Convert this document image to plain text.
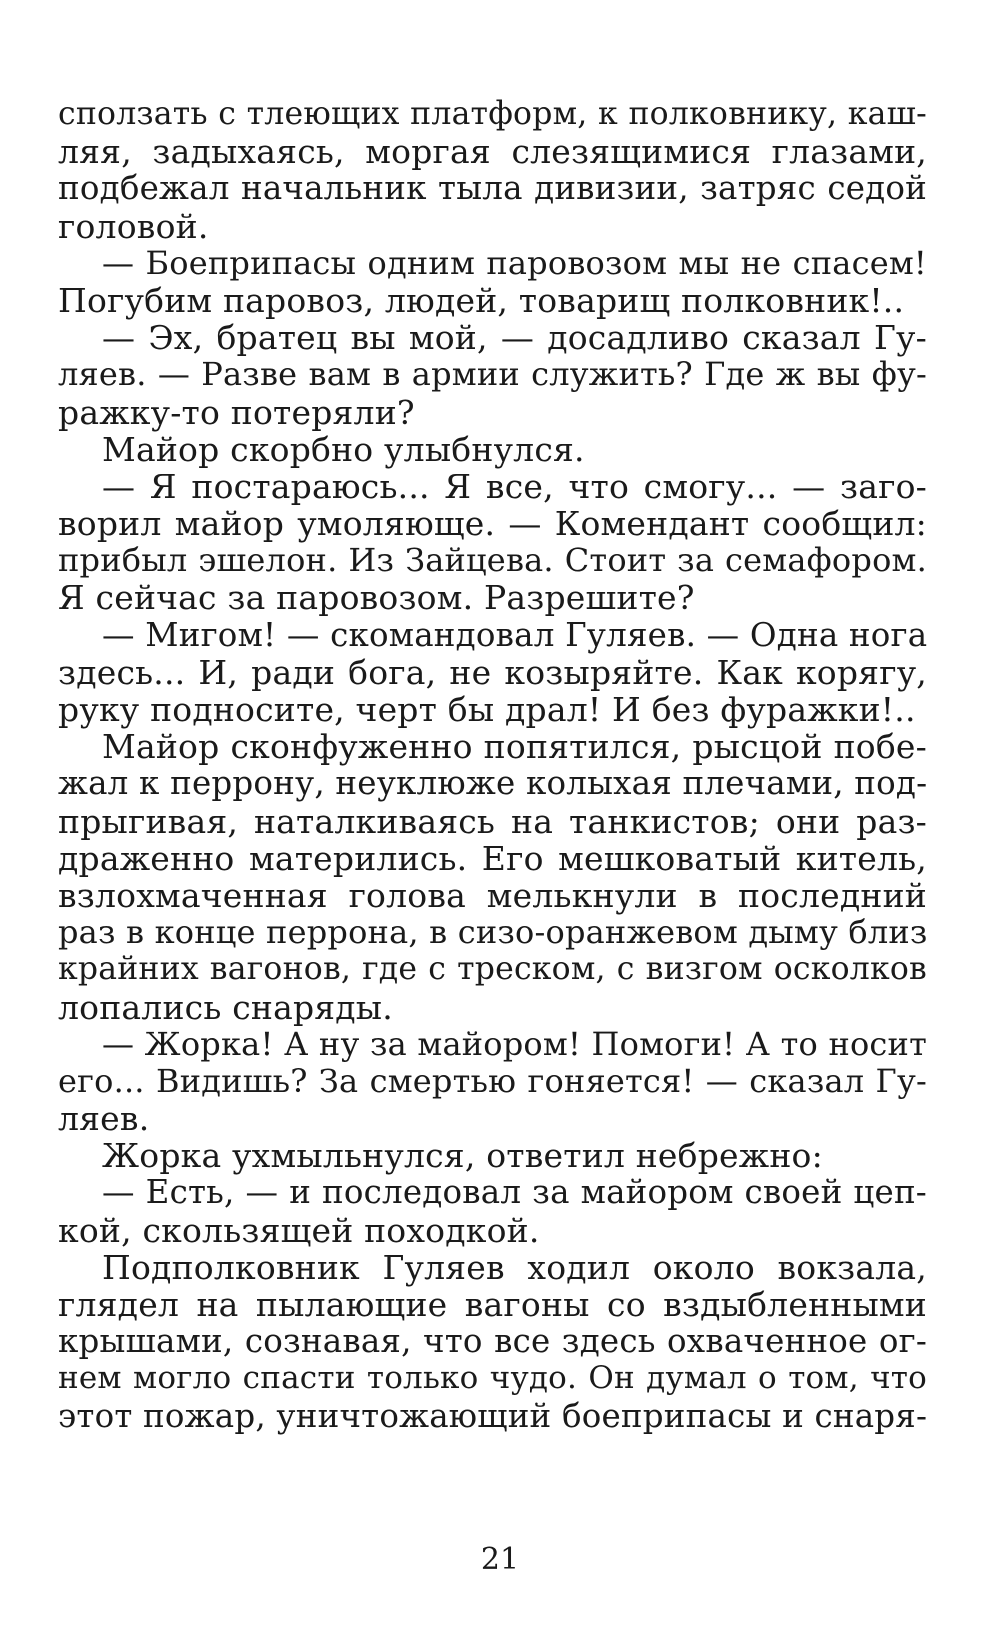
сползать с тлеющих платформ, к полковнику, каш-
ляя, задыхаясь, моргая слезящимися глазами,
подбежал начальник тыла дивизии, затряс седой
головой.
— Боеприпасы одним паровозом мы не спасем!
Погубим паровоз, людей, товарищ полковник!..
— Эх, братец вы мой, — досадливо сказал Гу-
ляев. — Разве вам в армии служить? Где ж вы фу-
ражку-то потеряли?
Майор скорбно улыбнулся.
— Я постараюсь... Я все, что смогу... — заго-
ворил майор умоляюще. — Комендант сообщил:
прибыл эшелон. Из Зайцева. Стоит за семафором.
Я сейчас за паровозом. Разрешите?
— Мигом! — скомандовал Гуляев. — Одна нога
здесь... И, ради бога, не козыряйте. Как корягу,
руку подносите, черт бы драл! И без фуражки!..
Майор сконфуженно попятился, рысцой побе-
жал к перрону, неуклюже колыхая плечами, под-
прыгивая, наталкиваясь на танкистов; они раз-
драженно матерились. Его мешковатый китель,
взлохмаченная голова мелькнули в последний
раз в конце перрона, в сизо-оранжевом дыму близ
крайних вагонов, где с треском, с визгом осколков
лопались снаряды.
— Жорка! А ну за майором! Помоги! А то носит
его... Видишь? За смертью гоняется! — сказал Гу-
ляев.
Жорка ухмыльнулся, ответил небрежно:
— Есть, — и последовал за майором своей цеп-
кой, скользящей походкой.
Подполковник Гуляев ходил около вокзала,
глядел на пылающие вагоны со вздыбленными
крышами, сознавая, что все здесь охваченное ог-
нем могло спасти только чудо. Он думал о том, что
этот пожар, уничтожающий боеприпасы и снаря-
21
